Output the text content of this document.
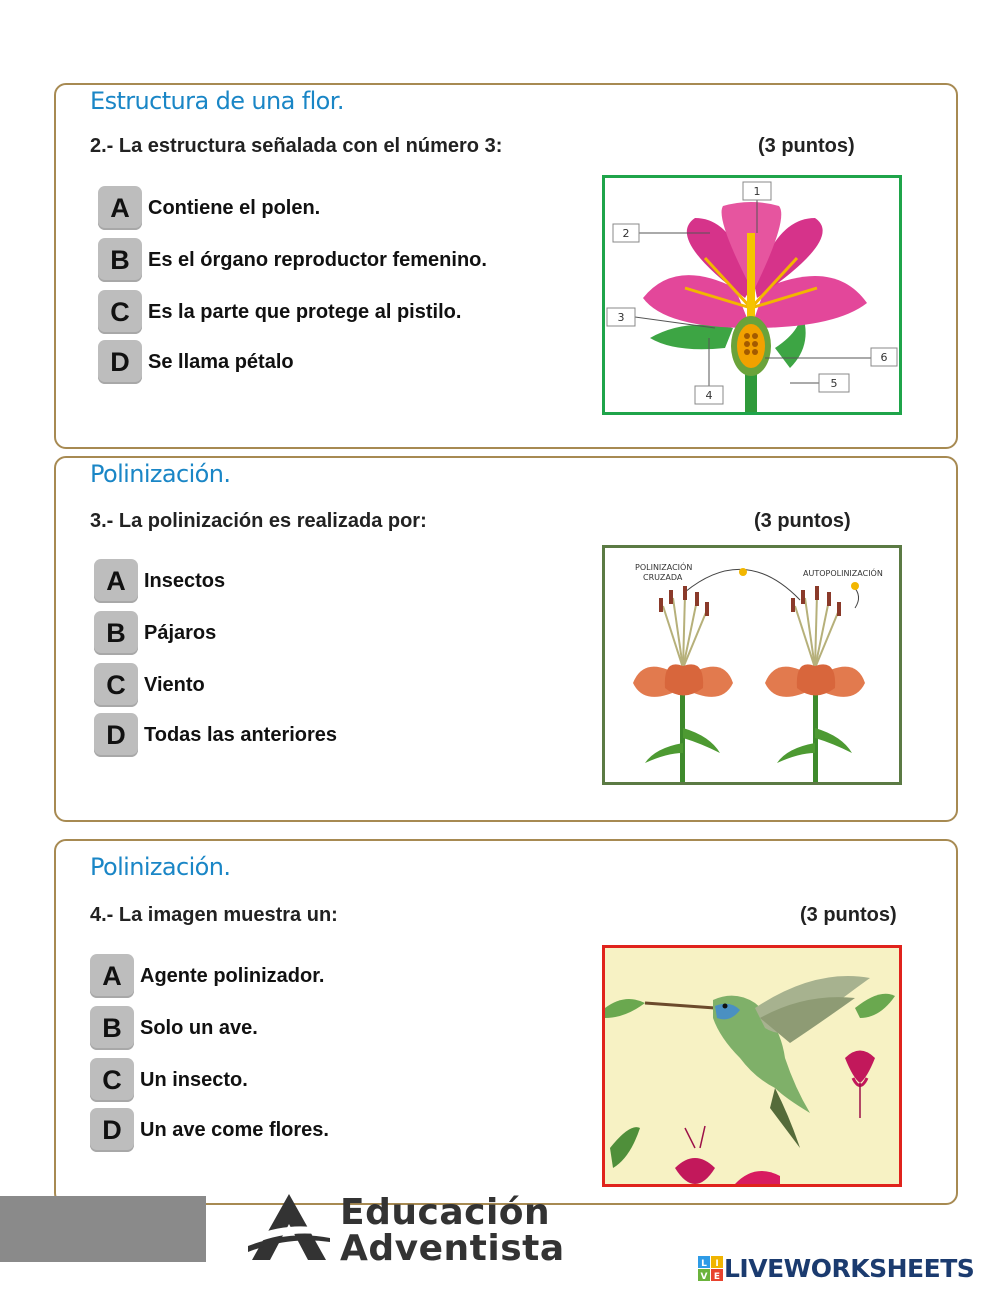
Estructura de una flor.
2.- La estructura señalada con el número 3:	(3 puntos)
A Contiene el polen.
B Es el órgano reproductor femenino.
C Es la parte que protege al pistilo.
D Se llama pétalo
1
2
3
4
5
6
Polinización.
3.- La polinización es realizada por:	(3 puntos)
A Insectos
B Pájaros
C Viento
D Todas las anteriores
POLINIZACIÓN
CRUZADA	AUTOPOLINIZACIÓN
Polinización.
4.- La imagen muestra un:	(3 puntos)
A Agente polinizador.
B Solo un ave.
C Un insecto.
D Un ave come flores.
Educación
Adventista	L I
V E LIVEWORKSHEETS
